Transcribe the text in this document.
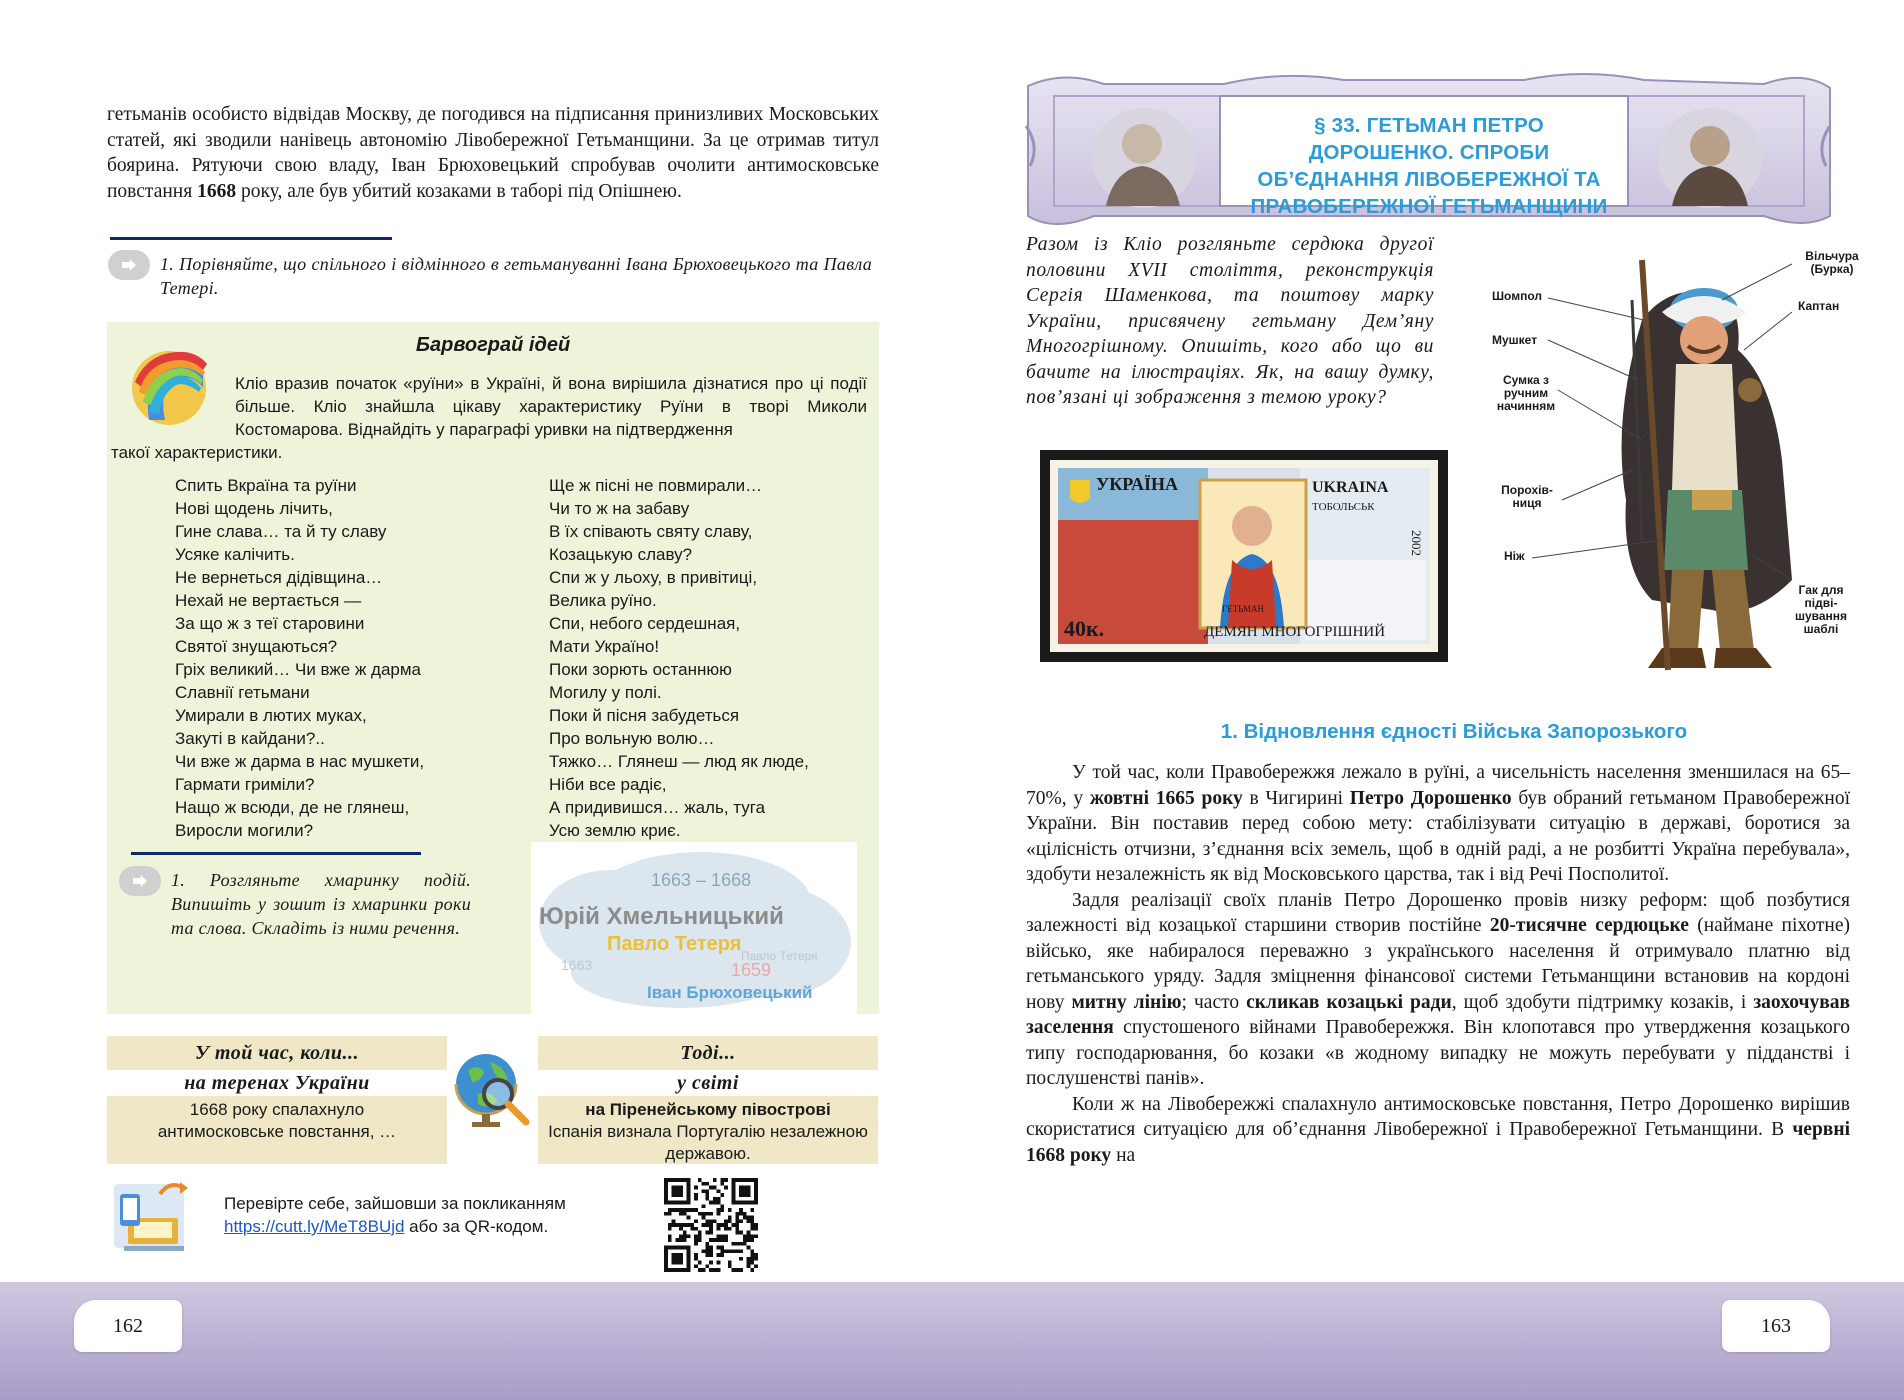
гетьманів особисто відвідав Москву, де погодився на підписання принизливих Московських статей, які зводили нанівець автономію Лівобережної Гетьманщини. За це отримав титул боярина. Рятуючи свою владу, Іван Брюховецький спробував очолити антимосковське повстання 1668 року, але був убитий козаками в таборі під Опішнею.
1. Порівняйте, що спільного і відмінного в гетьмануванні Івана Брюховецького та Павла Тетері.
Барвограй ідей
Кліо вразив початок «руїни» в Україні, й вона вирішила дізнатися про ці події більше. Кліо знайшла цікаву характеристику Руїни в творі Миколи Костомарова. Віднайдіть у параграфі уривки на підтвердження
такої характеристики.
Спить Вкраїна та руїни
Нові щодень лічить,
Гине слава… та й ту славу
Усяке калічить.
Не вернеться дідівщина…
Нехай не вертається —
За що ж з теї старовини
Святої знущаються?
Гріх великий… Чи вже ж дарма
Славнії гетьмани
Умирали в лютих муках,
Закуті в кайдани?..
Чи вже ж дарма в нас мушкети,
Гармати гриміли?
Нащо ж всюди, де не глянеш,
Виросли могили?
Ще ж пісні не повмирали…
Чи то ж на забаву
В їх співають святу славу,
Козацькую славу?
Спи ж у льоху, в привітиці,
Велика руїно.
Спи, небого сердешная,
Мати Україно!
Поки зорють останнюю
Могилу у полі.
Поки й пісня забудеться
Про вольную волю…
Тяжко… Глянеш — люд як люде,
Ніби все радіє,
А придивишся… жаль, туга
Усю землю криє.
1. Розгляньте хмаринку подій. Випишіть у зошит із хмаринки роки та слова. Складіть із ними речення.
1663 – 1668
Юрій Хмельницький
Павло Тетеря
Іван Брюховецький
1663	1659
Павло Тетеря
У той час, коли...
на теренах України
1668 року спалахнуло антимосковське повстання, …
Тоді...
у світі
на Піренейському півострові
Іспанія визнала Португалію незалежною державою.
Перевірте себе, зайшовши за покликанням
https://cutt.ly/MeT8BUjd або за QR-кодом.
162
§ 33. ГЕТЬМАН ПЕТРО ДОРОШЕНКО. СПРОБИ ОБ’ЄДНАННЯ ЛІВОБЕРЕЖНОЇ ТА ПРАВОБЕРЕЖНОЇ ГЕТЬМАНЩИНИ
Разом із Кліо розгляньте сердюка другої половини XVII століття, реконструкція Сергія Шаменкова, та поштову марку України, присвячену гетьману Дем’яну Многогрішному. Опишіть, кого або що ви бачите на ілюстраціях. Як, на вашу думку, пов’язані ці зображення з темою уроку?
УКРАЇНА	UKRAINA
ТОБОЛЬСЬК
2002
40к.
ГЕТЬМАН
ДЕМЯН МНОГОГРІШНИЙ
Вільчура (Бурка)
Каптан
Шомпол
Мушкет
Сумка з ручним начинням
Порохів-ниця
Ніж
Гак для підві-шування шаблі
1. Відновлення єдності Війська Запорозького

У той час, коли Правобережжя лежало в руїні, а чисельність населення зменшилася на 65–70%, у жовтні 1665 року в Чигирині Петро Дорошенко був обраний гетьманом Правобережної України. Він поставив перед собою мету: стабілізувати ситуацію в державі, боротися за «цілісність отчизни, з’єднання всіх земель, щоб в одній раді, а не розбитті Україна перебувала», здобути незалежність як від Московського царства, так і від Речі Посполитої.

Задля реалізації своїх планів Петро Дорошенко провів низку реформ: щоб позбутися залежності від козацької старшини створив постійне 20-тисячне сердюцьке (наймане піхотне) військо, яке набиралося переважно з українського населення й отримувало платню від гетьманського уряду. Задля зміцнення фінансової системи Гетьманщини встановив на кордоні нову митну лінію; часто скликав козацькі ради, щоб здобути підтримку козаків, і заохочував заселення спустошеного війнами Правобережжя. Він клопотався про утвердження козацького типу господарювання, бо козаки «в жодному випадку не можуть перебувати у підданстві і послушенстві панів».

Коли ж на Лівобережжі спалахнуло антимосковське повстання, Петро Дорошенко вирішив скористатися ситуацією для об’єднання Лівобережної і Правобережної Гетьманщини. В червні 1668 року на

163
